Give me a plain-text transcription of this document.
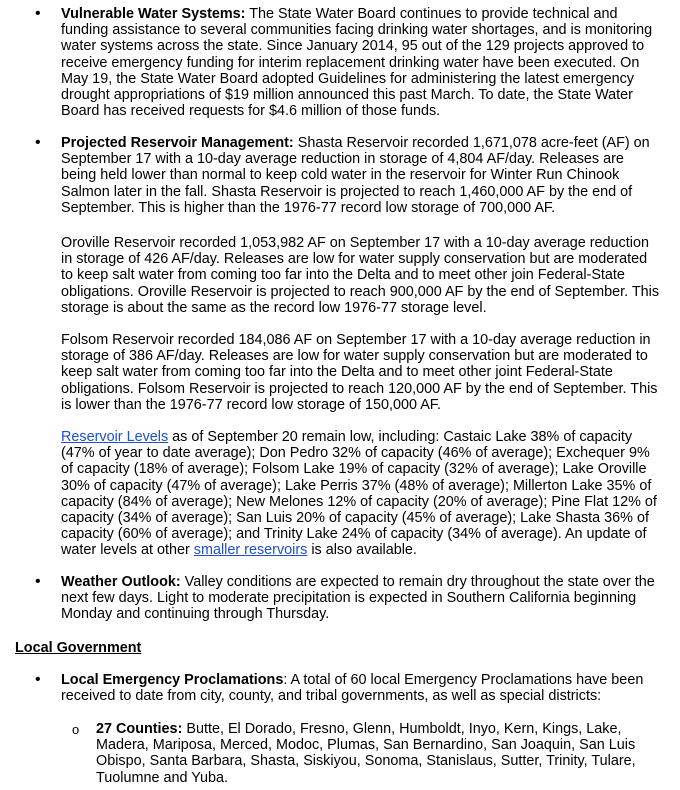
•	Vulnerable Water Systems: The State Water Board continues to provide technical and funding assistance to several communities facing drinking water shortages, and is monitoring water systems across the state. Since January 2014, 95 out of the 129 projects approved to receive emergency funding for interim replacement drinking water have been executed. On May 19, the State Water Board adopted Guidelines for administering the latest emergency drought appropriations of $19 million announced this past March. To date, the State Water Board has received requests for $4.6 million of those funds.

•	Projected Reservoir Management: Shasta Reservoir recorded 1,671,078 acre-feet (AF) on September 17 with a 10-day average reduction in storage of 4,804 AF/day. Releases are being held lower than normal to keep cold water in the reservoir for Winter Run Chinook Salmon later in the fall. Shasta Reservoir is projected to reach 1,460,000 AF by the end of September. This is higher than the 1976-77 record low storage of 700,000 AF.

Oroville Reservoir recorded 1,053,982 AF on September 17 with a 10-day average reduction in storage of 426 AF/day. Releases are low for water supply conservation but are moderated to keep salt water from coming too far into the Delta and to meet other join Federal-State obligations. Oroville Reservoir is projected to reach 900,000 AF by the end of September. This storage is about the same as the record low 1976-77 storage level.

Folsom Reservoir recorded 184,086 AF on September 17 with a 10-day average reduction in storage of 386 AF/day. Releases are low for water supply conservation but are moderated to keep salt water from coming too far into the Delta and to meet other joint Federal-State obligations. Folsom Reservoir is projected to reach 120,000 AF by the end of September. This is lower than the 1976-77 record low storage of 150,000 AF.

Reservoir Levels as of September 20 remain low, including: Castaic Lake 38% of capacity (47% of year to date average); Don Pedro 32% of capacity (46% of average); Exchequer 9% of capacity (18% of average); Folsom Lake 19% of capacity (32% of average); Lake Oroville 30% of capacity (47% of average); Lake Perris 37% (48% of average); Millerton Lake 35% of capacity (84% of average); New Melones 12% of capacity (20% of average); Pine Flat 12% of capacity (34% of average); San Luis 20% of capacity (45% of average); Lake Shasta 36% of capacity (60% of average); and Trinity Lake 24% of capacity (34% of average). An update of water levels at other smaller reservoirs is also available.

•	Weather Outlook: Valley conditions are expected to remain dry throughout the state over the next few days. Light to moderate precipitation is expected in Southern California beginning Monday and continuing through Thursday.

Local Government
•	Local Emergency Proclamations: A total of 60 local Emergency Proclamations have been received to date from city, county, and tribal governments, as well as special districts:

o 27 Counties: Butte, El Dorado, Fresno, Glenn, Humboldt, Inyo, Kern, Kings, Lake, Madera, Mariposa, Merced, Modoc, Plumas, San Bernardino, San Joaquin, San Luis Obispo, Santa Barbara, Shasta, Siskiyou, Sonoma, Stanislaus, Sutter, Trinity, Tulare, Tuolumne and Yuba.
